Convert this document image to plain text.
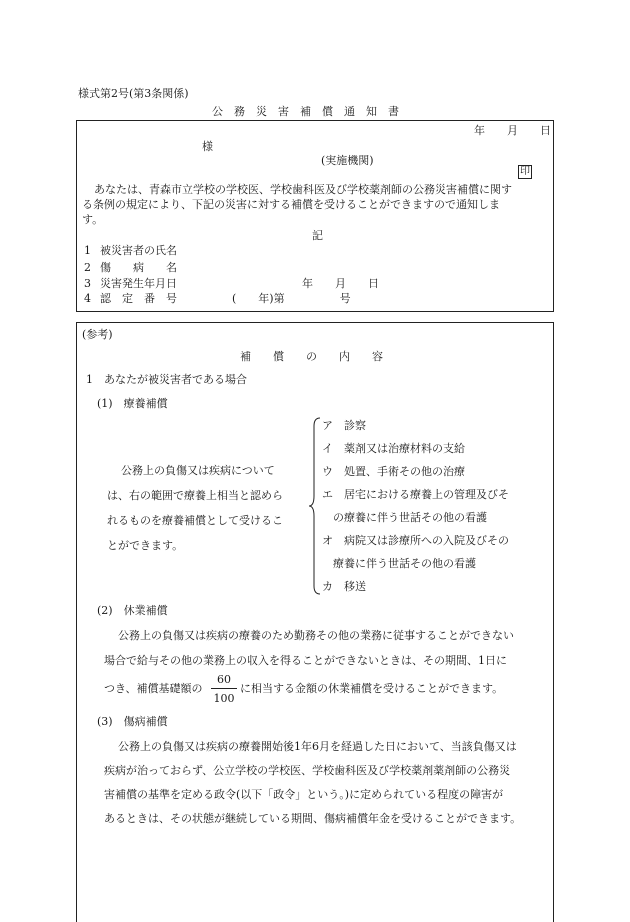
様式第2号(第3条関係)
公　務　災　害　補　償　通　知　書
年　　月　　日
様
(実施機関)
印
あなたは、青森市立学校の学校医、学校歯科医及び学校薬剤師の公務災害補償に関す
る条例の規定により、下記の災害に対する補償を受けることができますので通知しま
す。
記
1 被災害者の氏名
2 傷　　病　　名
3 災害発生年月日	年　　月　　日
4 認　定　番　号	(　　年)第　　　　　号
(参考)
補　　償　　の　　内　　容
1　あなたが被災害者である場合
(1)　療養補償
公務上の負傷又は疾病について
は、右の範囲で療養上相当と認めら
れるものを療養補償として受けるこ
とができます。
ア　診察
イ　薬剤又は治療材料の支給
ウ　処置、手術その他の治療
エ　居宅における療養上の管理及びそ
　の療養に伴う世話その他の看護
オ　病院又は診療所への入院及びその
　療養に伴う世話その他の看護
カ　移送
(2)　休業補償
公務上の負傷又は疾病の療養のため勤務その他の業務に従事することができない
場合で給与その他の業務上の収入を得ることができないときは、その期間、1日に
つき、補償基礎額の
60
100
に相当する金額の休業補償を受けることができます。
(3)　傷病補償
公務上の負傷又は疾病の療養開始後1年6月を経過した日において、当該負傷又は
疾病が治っておらず、公立学校の学校医、学校歯科医及び学校薬剤薬剤師の公務災
害補償の基準を定める政令(以下「政令」という。)に定められている程度の障害が
あるときは、その状態が継続している期間、傷病補償年金を受けることができます。
